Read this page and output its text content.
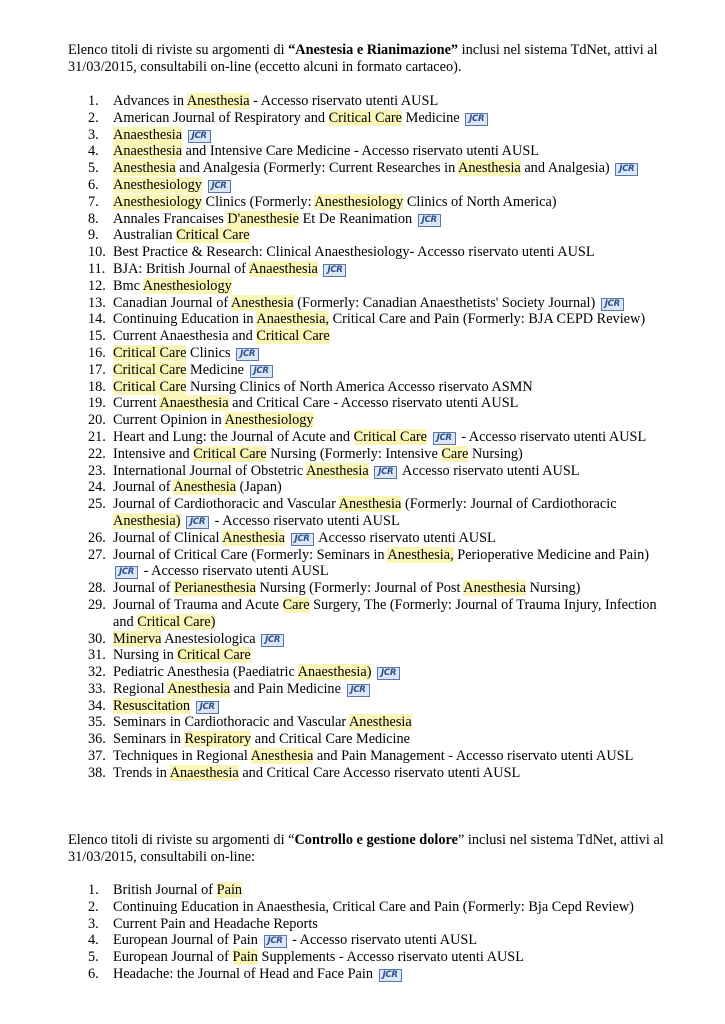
Elenco titoli di riviste su argomenti di “Anestesia e Rianimazione” inclusi nel sistema TdNet, attivi al 31/03/2015, consultabili on-line (eccetto alcuni in formato cartaceo).

1. Advances in Anesthesia - Accesso riservato utenti AUSL
2. American Journal of Respiratory and Critical Care Medicine JCR
3. Anaesthesia JCR
4. Anaesthesia and Intensive Care Medicine - Accesso riservato utenti AUSL
5. Anesthesia and Analgesia (Formerly: Current Researches in Anesthesia and Analgesia) JCR
6. Anesthesiology JCR
7. Anesthesiology Clinics (Formerly: Anesthesiology Clinics of North America)
8. Annales Francaises D'anesthesie Et De Reanimation JCR
9. Australian Critical Care
10. Best Practice & Research: Clinical Anaesthesiology- Accesso riservato utenti AUSL
11. BJA: British Journal of Anaesthesia JCR
12. Bmc Anesthesiology
13. Canadian Journal of Anesthesia (Formerly: Canadian Anaesthetists' Society Journal) JCR
14. Continuing Education in Anaesthesia, Critical Care and Pain (Formerly: BJA CEPD Review)
15. Current Anaesthesia and Critical Care
16. Critical Care Clinics JCR
17. Critical Care Medicine JCR
18. Critical Care Nursing Clinics of North America Accesso riservato ASMN
19. Current Anaesthesia and Critical Care - Accesso riservato utenti AUSL
20. Current Opinion in Anesthesiology
21. Heart and Lung: the Journal of Acute and Critical Care JCR - Accesso riservato utenti AUSL
22. Intensive and Critical Care Nursing (Formerly: Intensive Care Nursing)
23. International Journal of Obstetric Anesthesia JCR Accesso riservato utenti AUSL
24. Journal of Anesthesia (Japan)
25. Journal of Cardiothoracic and Vascular Anesthesia (Formerly: Journal of Cardiothoracic Anesthesia) JCR - Accesso riservato utenti AUSL
26. Journal of Clinical Anesthesia JCR Accesso riservato utenti AUSL
27. Journal of Critical Care (Formerly: Seminars in Anesthesia, Perioperative Medicine and Pain) JCR - Accesso riservato utenti AUSL
28. Journal of Perianesthesia Nursing (Formerly: Journal of Post Anesthesia Nursing)
29. Journal of Trauma and Acute Care Surgery, The (Formerly: Journal of Trauma Injury, Infection and Critical Care)
30. Minerva Anestesiologica JCR
31. Nursing in Critical Care
32. Pediatric Anesthesia (Paediatric Anaesthesia) JCR
33. Regional Anesthesia and Pain Medicine JCR
34. Resuscitation JCR
35. Seminars in Cardiothoracic and Vascular Anesthesia
36. Seminars in Respiratory and Critical Care Medicine
37. Techniques in Regional Anesthesia and Pain Management - Accesso riservato utenti AUSL
38. Trends in Anaesthesia and Critical Care Accesso riservato utenti AUSL

Elenco titoli di riviste su argomenti di “Controllo e gestione dolore” inclusi nel sistema TdNet, attivi al 31/03/2015, consultabili on-line:

1. British Journal of Pain
2. Continuing Education in Anaesthesia, Critical Care and Pain (Formerly: Bja Cepd Review)
3. Current Pain and Headache Reports
4. European Journal of Pain JCR - Accesso riservato utenti AUSL
5. European Journal of Pain Supplements - Accesso riservato utenti AUSL
6. Headache: the Journal of Head and Face Pain JCR
